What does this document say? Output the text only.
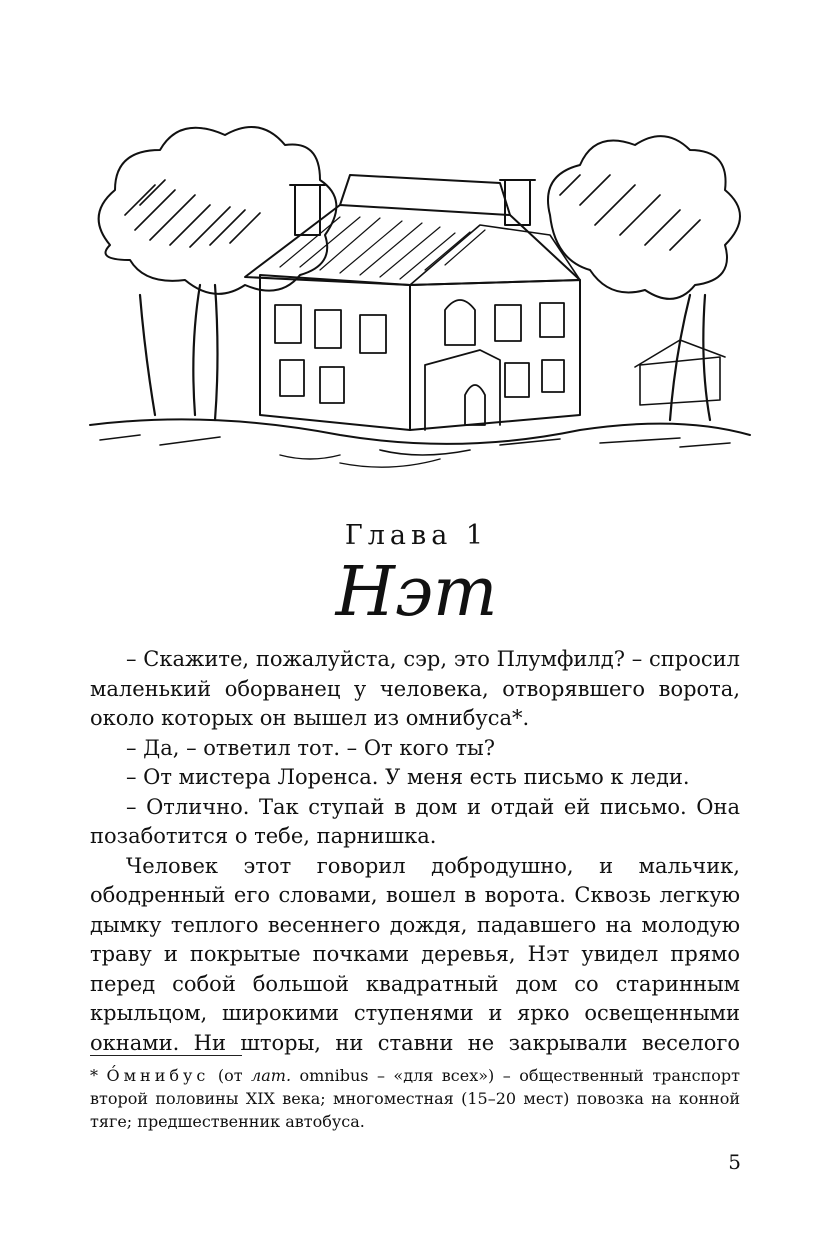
Глава 1
Нэт

– Скажите, пожалуйста, сэр, это Плумфилд? – спросил маленький оборванец у человека, отворявшего ворота, около которых он вышел из омнибуса*.

– Да, – ответил тот. – От кого ты?

– От мистера Лоренса. У меня есть письмо к леди.

– Отлично. Так ступай в дом и отдай ей письмо. Она позаботится о тебе, парнишка.

Человек этот говорил добродушно, и мальчик, ободренный его словами, вошел в ворота. Сквозь легкую дымку теплого весеннего дождя, падавшего на молодую траву и покрытые почками деревья, Нэт увидел прямо перед собой большой квадратный дом со старинным крыльцом, широкими ступенями и ярко освещенными окнами. Ни шторы, ни ставни не закрывали веселого

* О́мнибус (от лат. omnibus – «для всех») – общественный транспорт второй половины XIX века; многоместная (15–20 мест) повозка на конной тяге; предшественник автобуса.
5
